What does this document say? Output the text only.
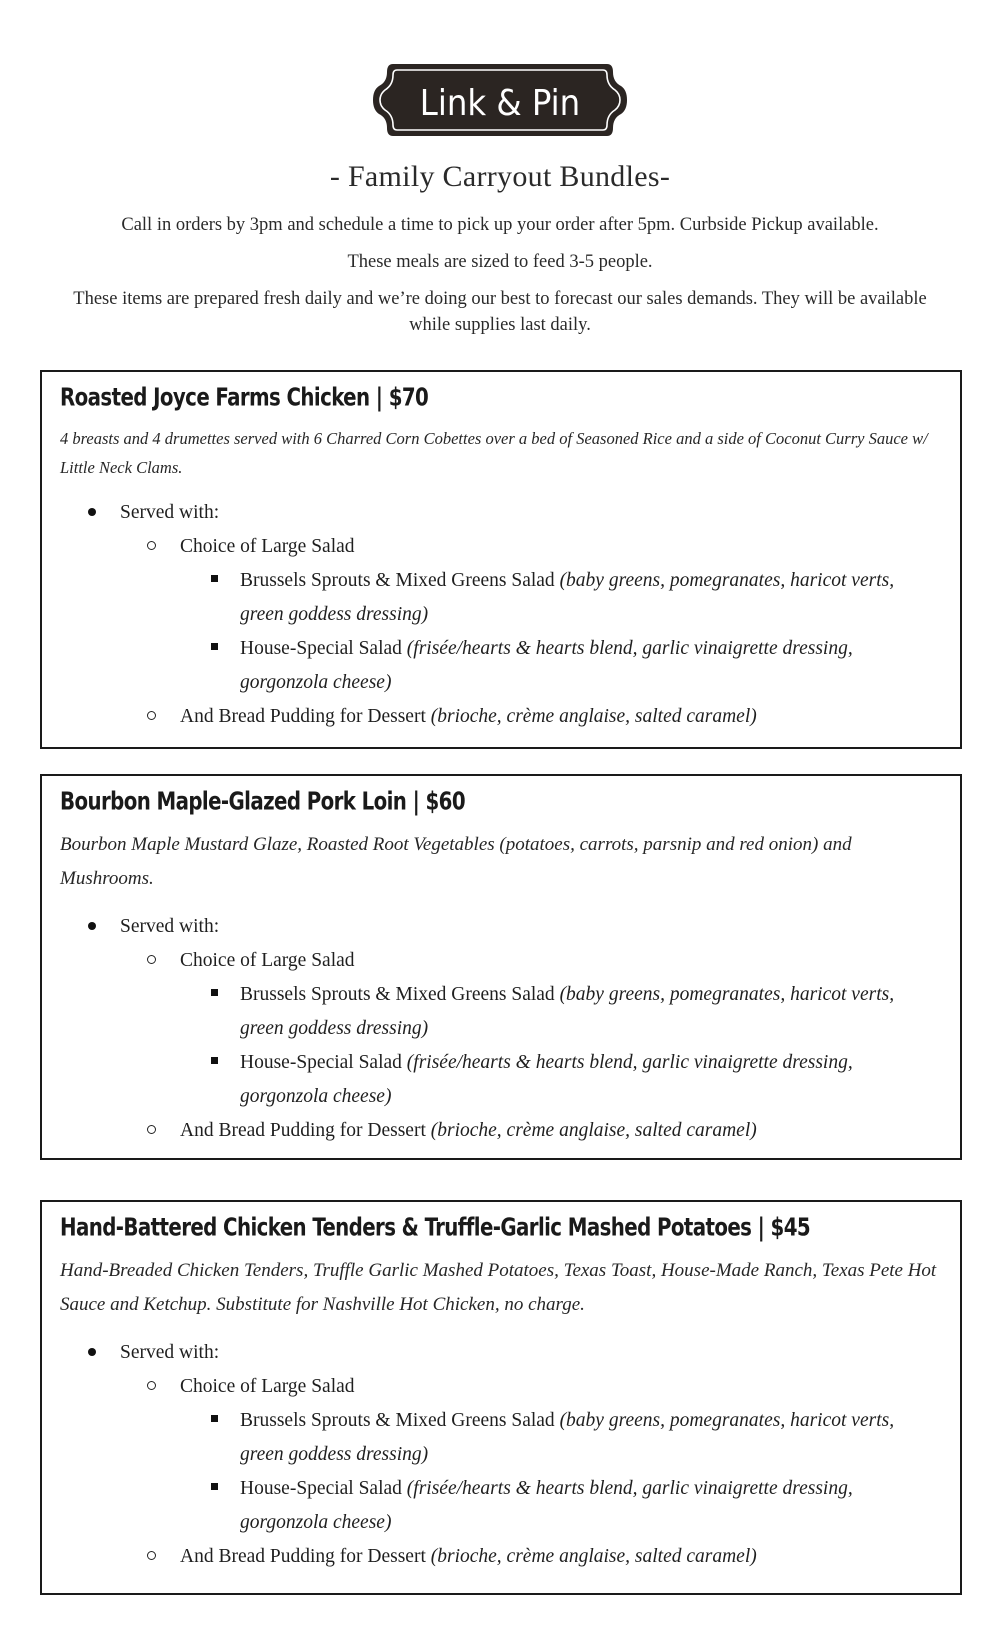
Link & Pin
- Family Carryout Bundles-
Call in orders by 3pm and schedule a time to pick up your order after 5pm. Curbside Pickup available.
These meals are sized to feed 3-5 people.
These items are prepared fresh daily and we’re doing our best to forecast our sales demands. They will be available while supplies last daily.
Roasted Joyce Farms Chicken | $70
4 breasts and 4 drumettes served with 6 Charred Corn Cobettes over a bed of Seasoned Rice and a side of Coconut Curry Sauce w/ Little Neck Clams.
Served with:
Choice of Large Salad
Brussels Sprouts & Mixed Greens Salad (baby greens, pomegranates, haricot verts, green goddess dressing)
House-Special Salad (frisée/hearts & hearts blend, garlic vinaigrette dressing, gorgonzola cheese)
And Bread Pudding for Dessert (brioche, crème anglaise, salted caramel)
Bourbon Maple-Glazed Pork Loin | $60
Bourbon Maple Mustard Glaze, Roasted Root Vegetables (potatoes, carrots, parsnip and red onion) and Mushrooms.
Served with:
Choice of Large Salad
Brussels Sprouts & Mixed Greens Salad (baby greens, pomegranates, haricot verts, green goddess dressing)
House-Special Salad (frisée/hearts & hearts blend, garlic vinaigrette dressing, gorgonzola cheese)
And Bread Pudding for Dessert (brioche, crème anglaise, salted caramel)
Hand-Battered Chicken Tenders & Truffle-Garlic Mashed Potatoes | $45
Hand-Breaded Chicken Tenders, Truffle Garlic Mashed Potatoes, Texas Toast, House-Made Ranch, Texas Pete Hot Sauce and Ketchup. Substitute for Nashville Hot Chicken, no charge.
Served with:
Choice of Large Salad
Brussels Sprouts & Mixed Greens Salad (baby greens, pomegranates, haricot verts, green goddess dressing)
House-Special Salad (frisée/hearts & hearts blend, garlic vinaigrette dressing, gorgonzola cheese)
And Bread Pudding for Dessert (brioche, crème anglaise, salted caramel)
